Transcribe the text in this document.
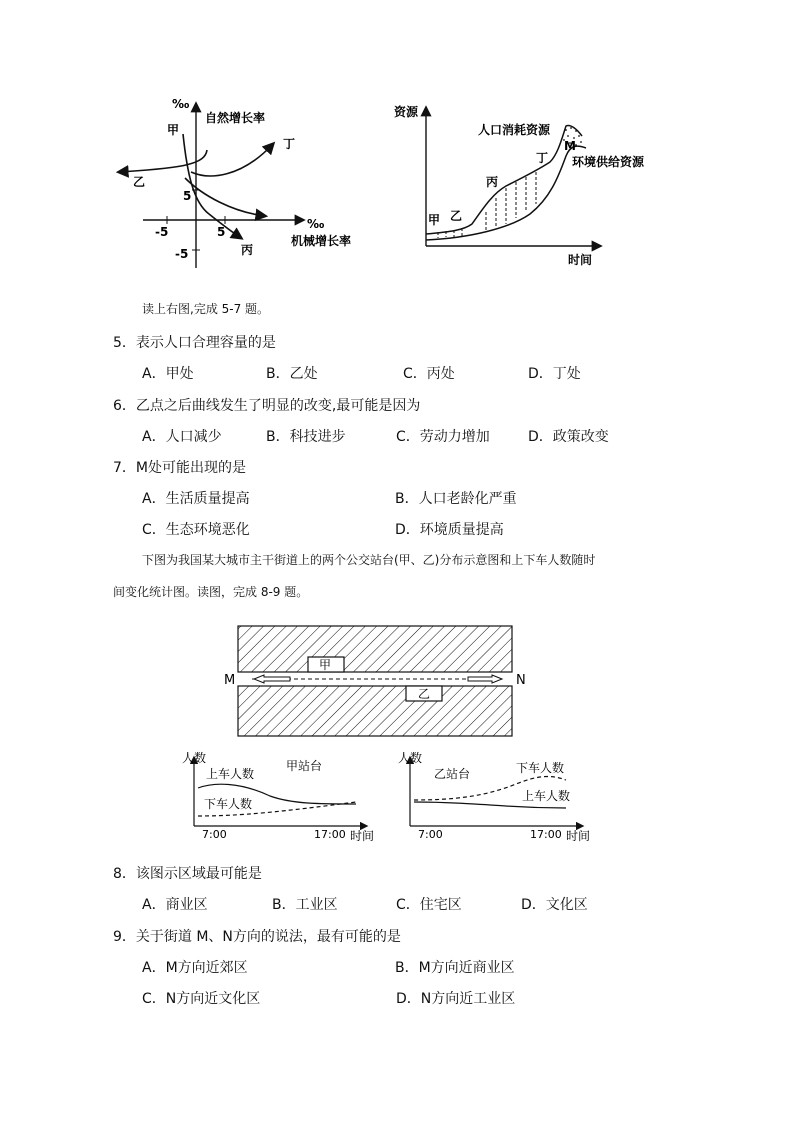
‰
自然增长率
‰
机械增长率
5
-5
-5	5
甲
乙
丁
丙
资源
时间
人口消耗资源
环境供给资源
甲 乙
丙
丁
M
读上右图,完成 5-7 题。
5．表示人口合理容量的是
A．甲处	B．乙处	C．丙处	D．丁处
6．乙点之后曲线发生了明显的改变,最可能是因为
A．人口减少	B．科技进步	C．劳动力增加	D．政策改变
7．M处可能出现的是
A．生活质量提高	B．人口老龄化严重
C．生态环境恶化	D．环境质量提高
下图为我国某大城市主干街道上的两个公交站台(甲、乙)分布示意图和上下车人数随时
间变化统计图。读图，完成 8-9 题。
甲
乙
M	N
人数
甲站台
上车人数
下车人数
7:00	17:00 时间
人数
乙站台	下车人数
上车人数
7:00	17:00 时间
8．该图示区域最可能是
A．商业区	B．工业区	C．住宅区	D．文化区
9．关于街道 M、N方向的说法，最有可能的是
A．M方向近郊区	B．M方向近商业区
C．N方向近文化区	D．N方向近工业区
